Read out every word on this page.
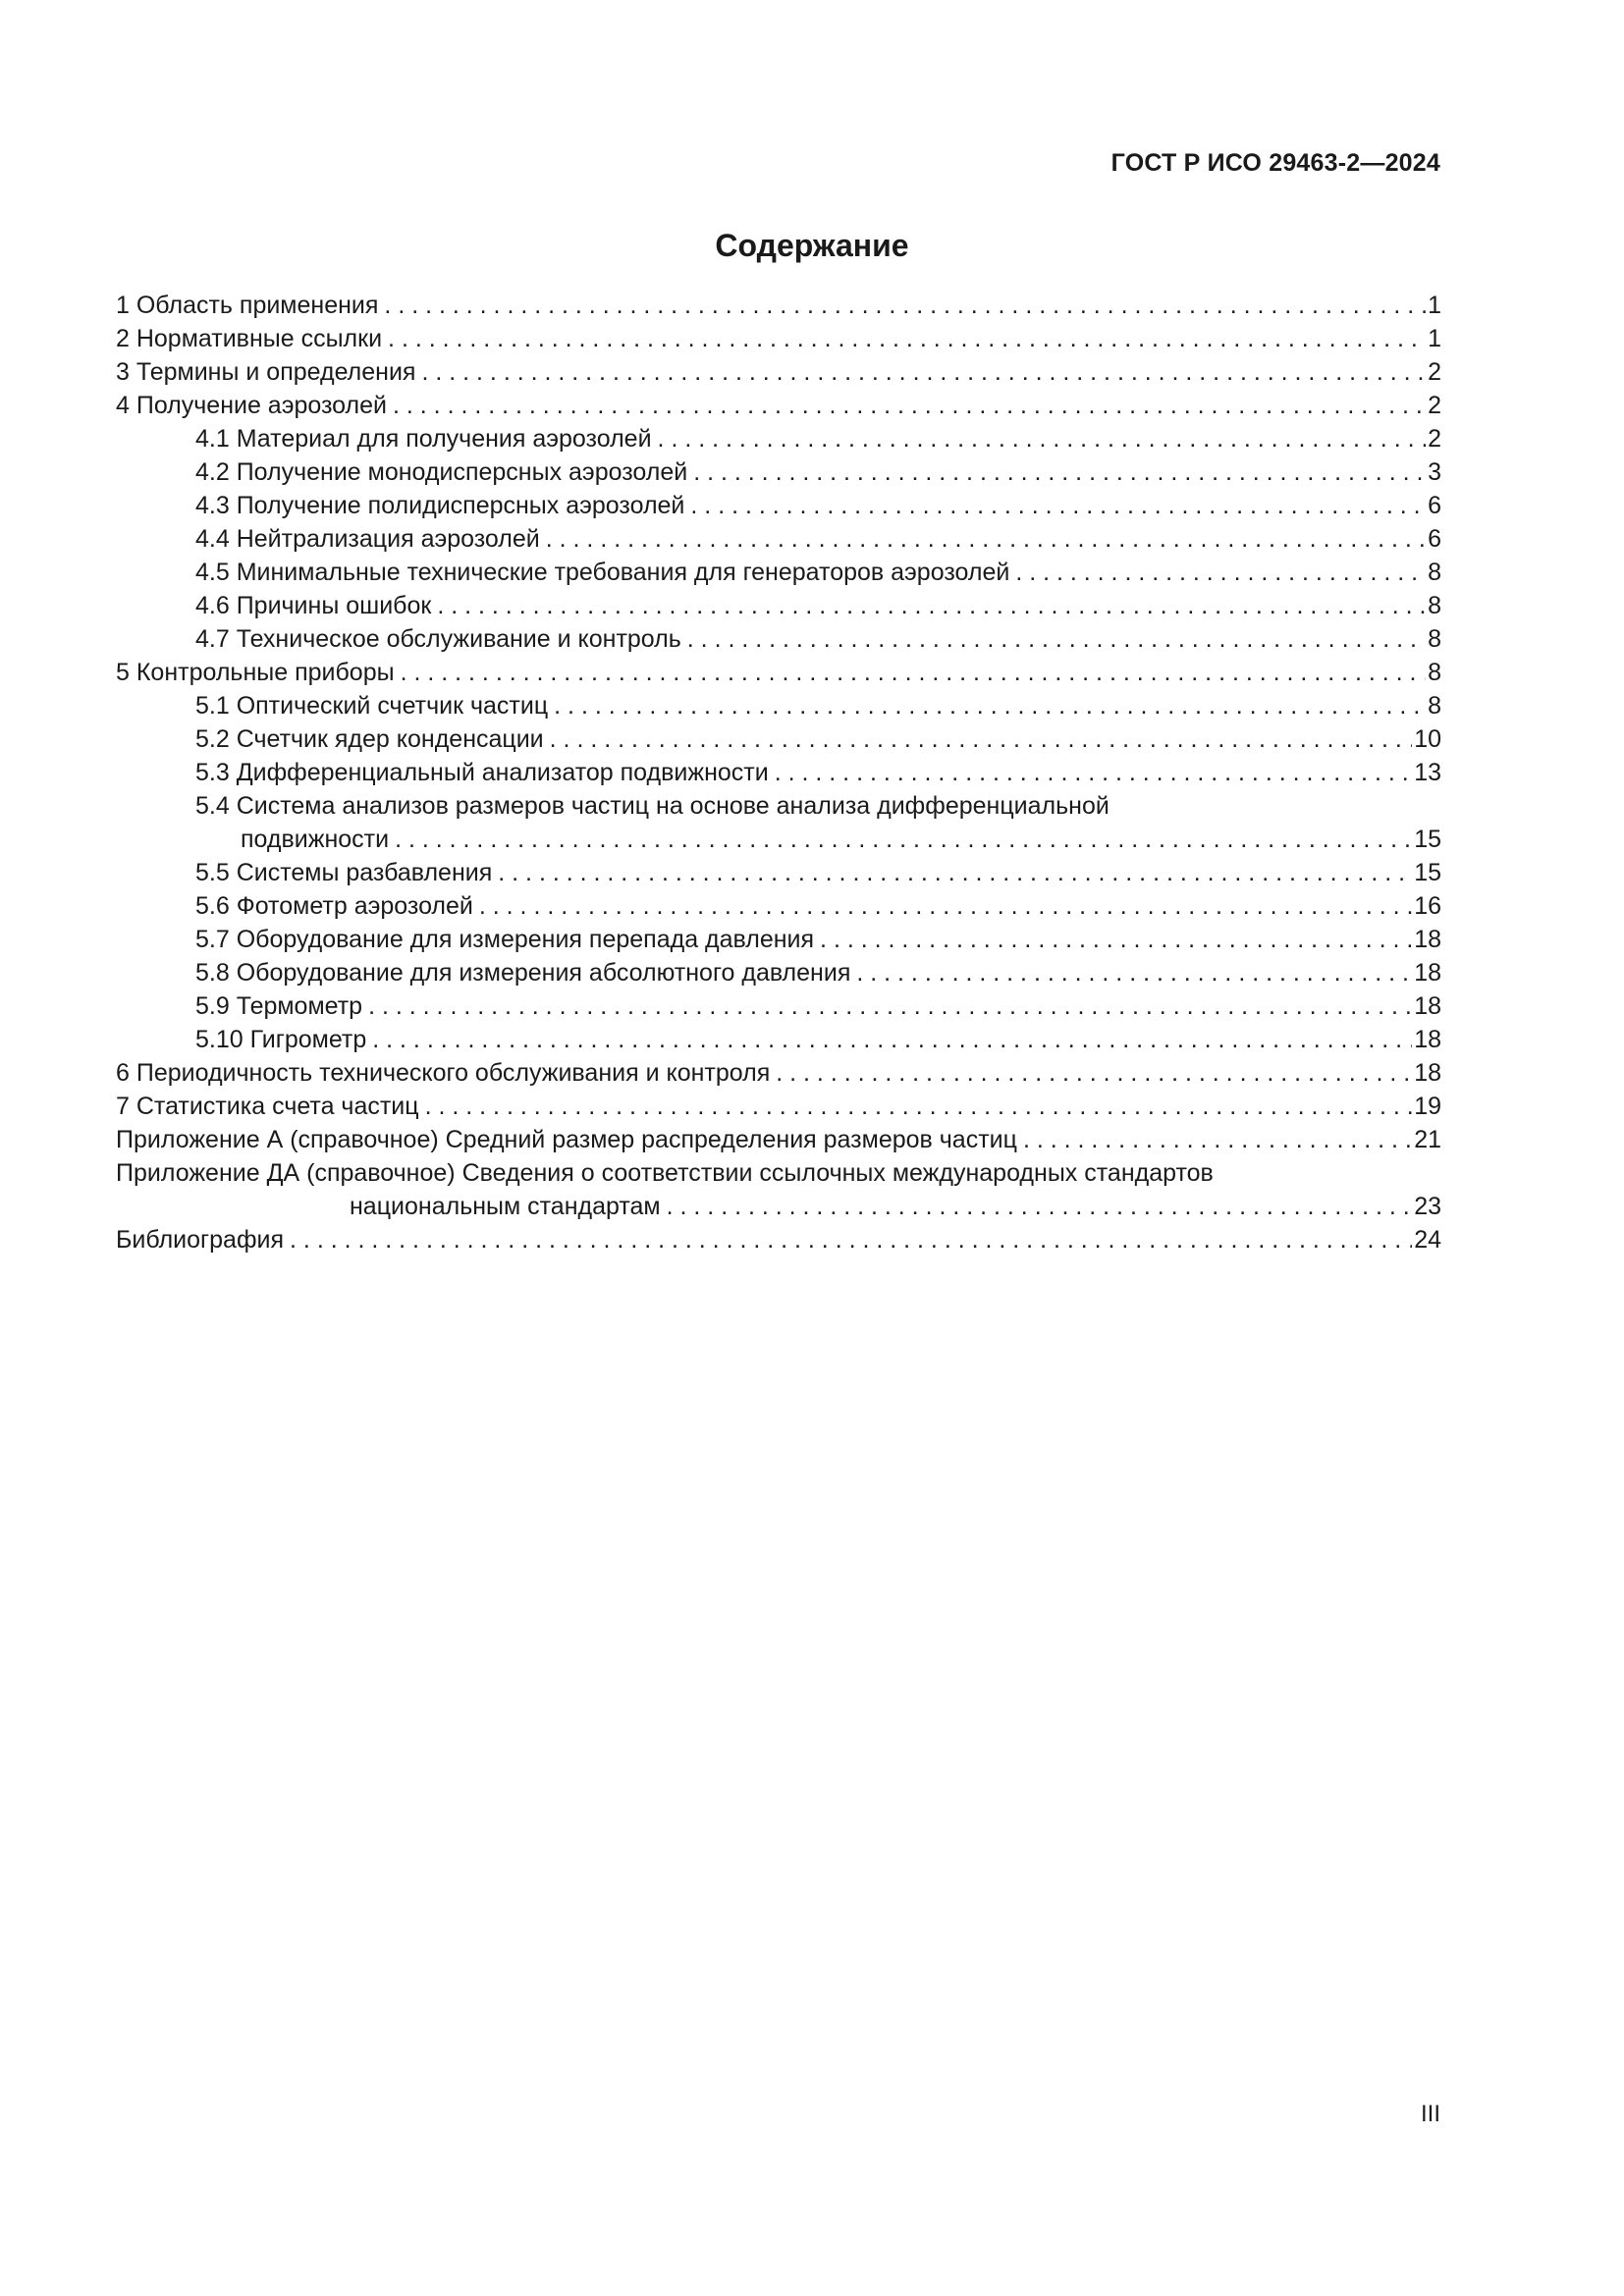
ГОСТ Р ИСО 29463-2—2024
Содержание
1 Область применения . . .	1
2 Нормативные ссылки . . .	1
3 Термины и определения . . .	2
4 Получение аэрозолей . . .	2
4.1 Материал для получения аэрозолей . . .	2
4.2 Получение монодисперсных аэрозолей . . .	3
4.3 Получение полидисперсных аэрозолей . . .	6
4.4 Нейтрализация аэрозолей . . .	6
4.5 Минимальные технические требования для генераторов аэрозолей . . .	8
4.6 Причины ошибок . . .	8
4.7 Техническое обслуживание и контроль . . .	8
5 Контрольные приборы . . .	8
5.1 Оптический счетчик частиц . . .	8
5.2 Счетчик ядер конденсации . . .	10
5.3 Дифференциальный анализатор подвижности . . .	13
5.4 Система анализов размеров частиц на основе анализа дифференциальной
подвижности . . .	15
5.5 Системы разбавления . . .	15
5.6 Фотометр аэрозолей . . .	16
5.7 Оборудование для измерения перепада давления . . .	18
5.8 Оборудование для измерения абсолютного давления . . .	18
5.9 Термометр . . .	18
5.10 Гигрометр . . .	18
6 Периодичность технического обслуживания и контроля . . .	18
7 Статистика счета частиц . . .	19
Приложение А (справочное) Средний размер распределения размеров частиц . . .	21
Приложение ДА (справочное) Сведения о соответствии ссылочных международных стандартов
национальным стандартам . . .	23
Библиография . . .	24
III
